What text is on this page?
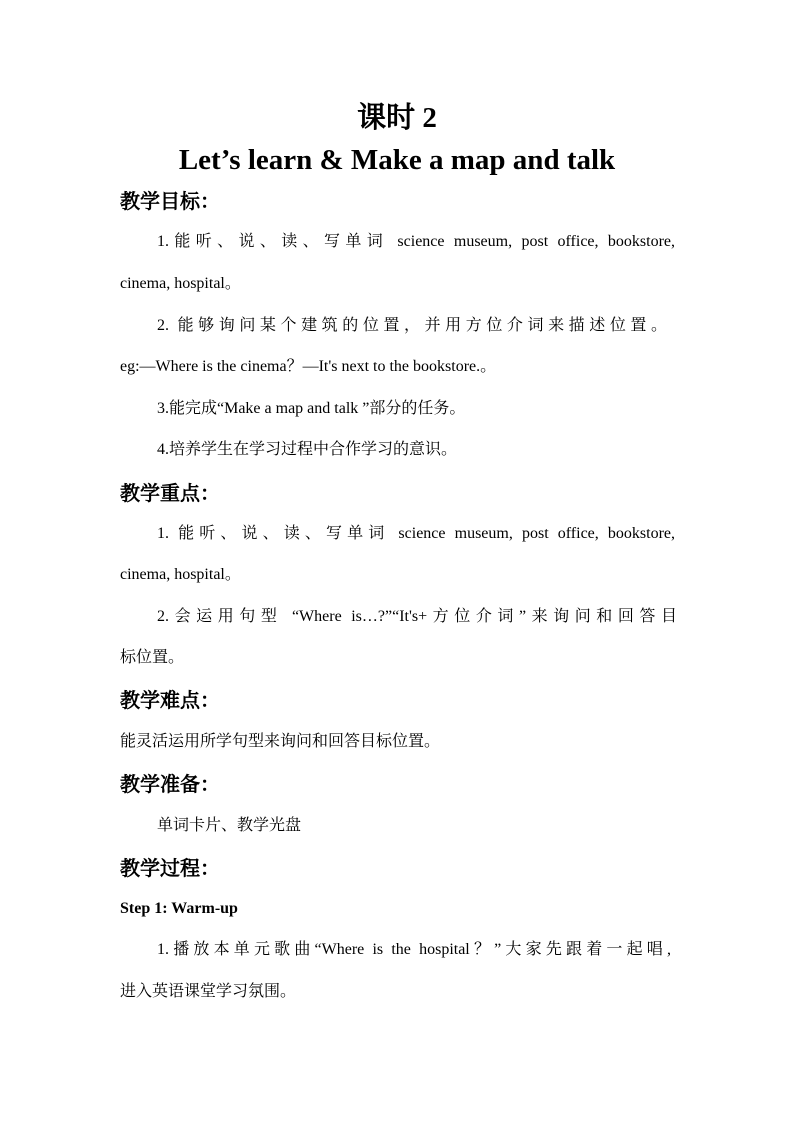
课时 2
Let’s learn & Make a map and talk
教学目标：
1.能听、说、读、写单词 science museum, post office, bookstore,
cinema, hospital。
2. 能够询问某个建筑的位置，并用方位介词来描述位置。
eg:—Where is the cinema？—It's next to the bookstore.。
3.能完成“Make a map and talk ”部分的任务。
4.培养学生在学习过程中合作学习的意识。
教学重点：
1. 能听、说、读、写单词 science museum, post office, bookstore,
cinema, hospital。
2.会运用句型 “Where is…?”“It's+方位介词”来询问和回答目
标位置。
教学难点：
能灵活运用所学句型来询问和回答目标位置。
教学准备：
单词卡片、教学光盘
教学过程：
Step 1: Warm-up
1.播放本单元歌曲“Where is the hospital？”大家先跟着一起唱,
进入英语课堂学习氛围。
